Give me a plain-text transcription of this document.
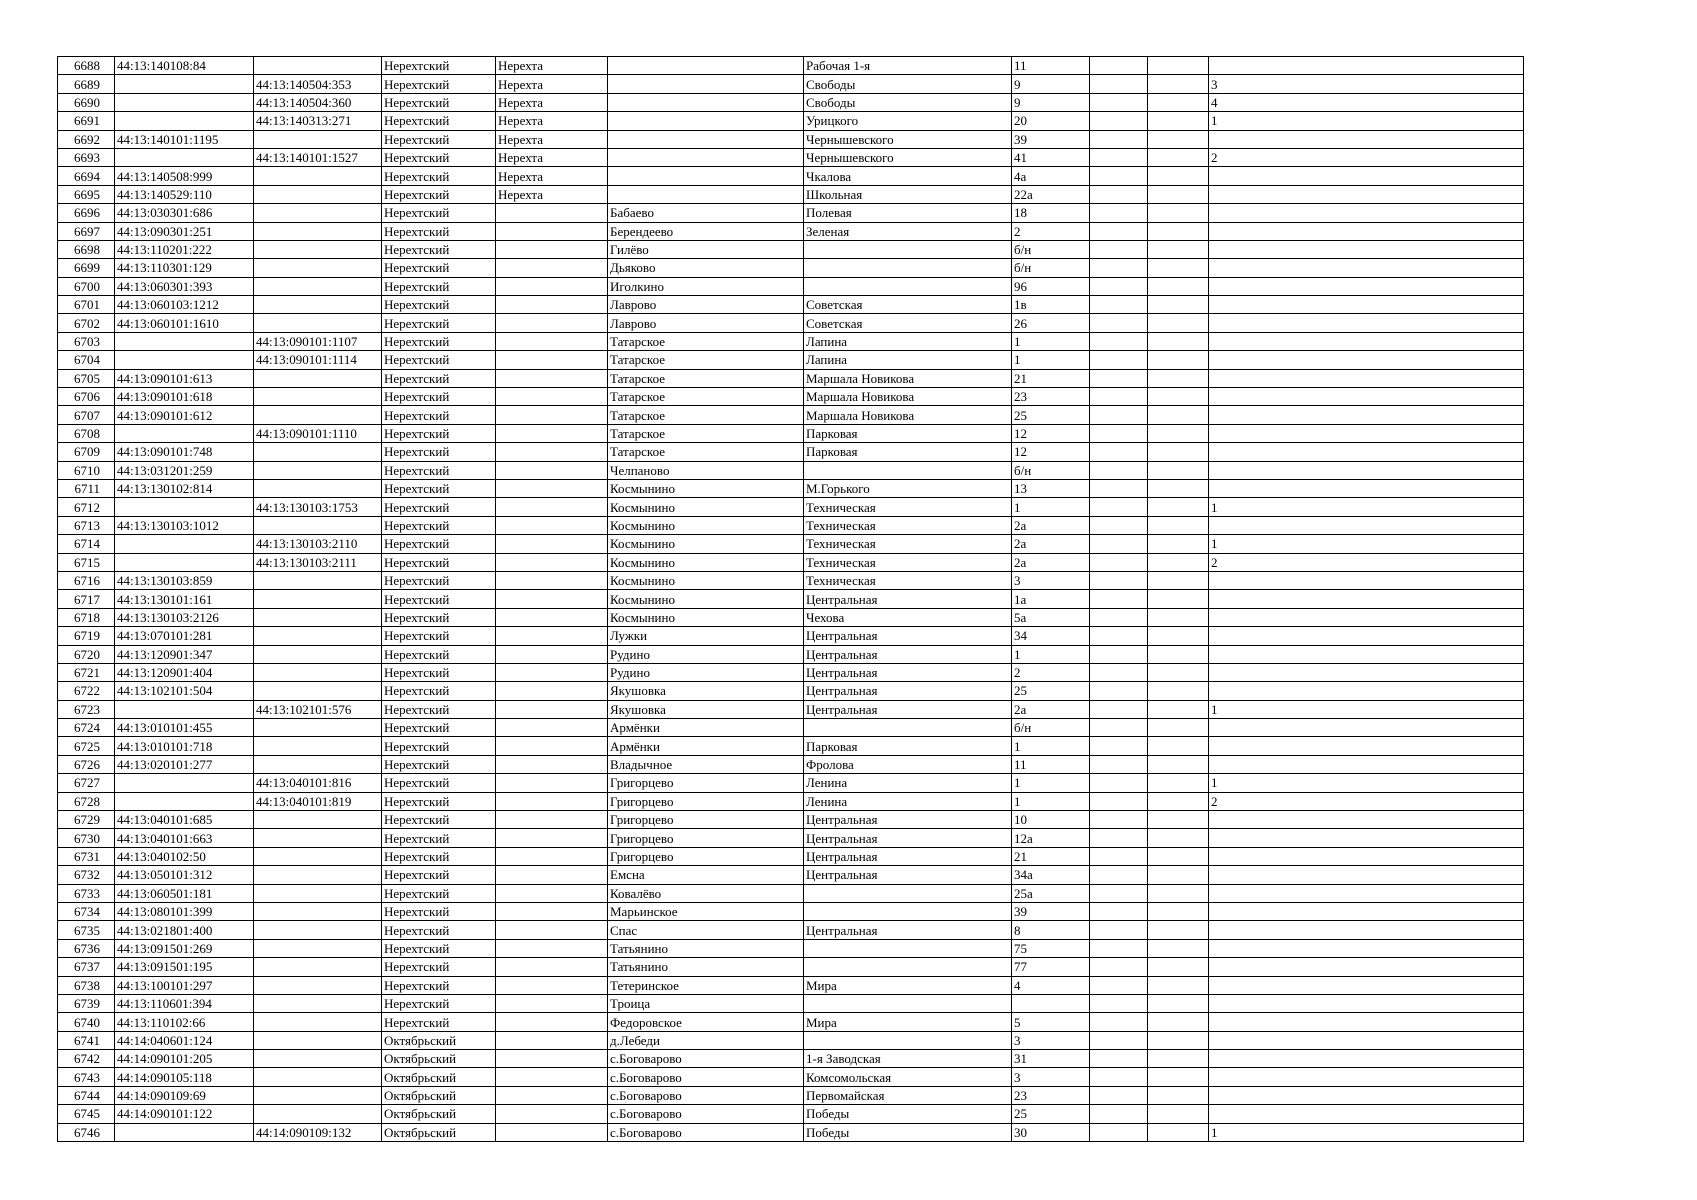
6688	44:13:140108:84		Нерехтский	Нерехта		Рабочая 1-я	11			
6689		44:13:140504:353	Нерехтский	Нерехта		Свободы	9			3
6690		44:13:140504:360	Нерехтский	Нерехта		Свободы	9			4
6691		44:13:140313:271	Нерехтский	Нерехта		Урицкого	20			1
6692	44:13:140101:1195		Нерехтский	Нерехта		Чернышевского	39			
6693		44:13:140101:1527	Нерехтский	Нерехта		Чернышевского	41			2
6694	44:13:140508:999		Нерехтский	Нерехта		Чкалова	4а			
6695	44:13:140529:110		Нерехтский	Нерехта		Школьная	22а			
6696	44:13:030301:686		Нерехтский		Бабаево	Полевая	18			
6697	44:13:090301:251		Нерехтский		Берендеево	Зеленая	2			
6698	44:13:110201:222		Нерехтский		Гилёво		б/н			
6699	44:13:110301:129		Нерехтский		Дьяково		б/н			
6700	44:13:060301:393		Нерехтский		Иголкино		96			
6701	44:13:060103:1212		Нерехтский		Лаврово	Советская	1в			
6702	44:13:060101:1610		Нерехтский		Лаврово	Советская	26			
6703		44:13:090101:1107	Нерехтский		Татарское	Лапина	1			
6704		44:13:090101:1114	Нерехтский		Татарское	Лапина	1			
6705	44:13:090101:613		Нерехтский		Татарское	Маршала Новикова	21			
6706	44:13:090101:618		Нерехтский		Татарское	Маршала Новикова	23			
6707	44:13:090101:612		Нерехтский		Татарское	Маршала Новикова	25			
6708		44:13:090101:1110	Нерехтский		Татарское	Парковая	12			
6709	44:13:090101:748		Нерехтский		Татарское	Парковая	12			
6710	44:13:031201:259		Нерехтский		Челпаново		б/н			
6711	44:13:130102:814		Нерехтский		Космынино	М.Горького	13			
6712		44:13:130103:1753	Нерехтский		Космынино	Техническая	1			1
6713	44:13:130103:1012		Нерехтский		Космынино	Техническая	2а			
6714		44:13:130103:2110	Нерехтский		Космынино	Техническая	2а			1
6715		44:13:130103:2111	Нерехтский		Космынино	Техническая	2а			2
6716	44:13:130103:859		Нерехтский		Космынино	Техническая	3			
6717	44:13:130101:161		Нерехтский		Космынино	Центральная	1а			
6718	44:13:130103:2126		Нерехтский		Космынино	Чехова	5а			
6719	44:13:070101:281		Нерехтский		Лужки	Центральная	34			
6720	44:13:120901:347		Нерехтский		Рудино	Центральная	1			
6721	44:13:120901:404		Нерехтский		Рудино	Центральная	2			
6722	44:13:102101:504		Нерехтский		Якушовка	Центральная	25			
6723		44:13:102101:576	Нерехтский		Якушовка	Центральная	2а			1
6724	44:13:010101:455		Нерехтский		Армёнки		б/н			
6725	44:13:010101:718		Нерехтский		Армёнки	Парковая	1			
6726	44:13:020101:277		Нерехтский		Владычное	Фролова	11			
6727		44:13:040101:816	Нерехтский		Григорцево	Ленина	1			1
6728		44:13:040101:819	Нерехтский		Григорцево	Ленина	1			2
6729	44:13:040101:685		Нерехтский		Григорцево	Центральная	10			
6730	44:13:040101:663		Нерехтский		Григорцево	Центральная	12а			
6731	44:13:040102:50		Нерехтский		Григорцево	Центральная	21			
6732	44:13:050101:312		Нерехтский		Емсна	Центральная	34а			
6733	44:13:060501:181		Нерехтский		Ковалёво		25а			
6734	44:13:080101:399		Нерехтский		Марьинское		39			
6735	44:13:021801:400		Нерехтский		Спас	Центральная	8			
6736	44:13:091501:269		Нерехтский		Татьянино		75			
6737	44:13:091501:195		Нерехтский		Татьянино		77			
6738	44:13:100101:297		Нерехтский		Тетеринское	Мира	4			
6739	44:13:110601:394		Нерехтский		Троица					
6740	44:13:110102:66		Нерехтский		Федоровское	Мира	5			
6741	44:14:040601:124		Октябрьский		д.Лебеди		3			
6742	44:14:090101:205		Октябрьский		с.Боговарово	1-я Заводская	31			
6743	44:14:090105:118		Октябрьский		с.Боговарово	Комсомольская	3			
6744	44:14:090109:69		Октябрьский		с.Боговарово	Первомайская	23			
6745	44:14:090101:122		Октябрьский		с.Боговарово	Победы	25			
6746		44:14:090109:132	Октябрьский		с.Боговарово	Победы	30			1
